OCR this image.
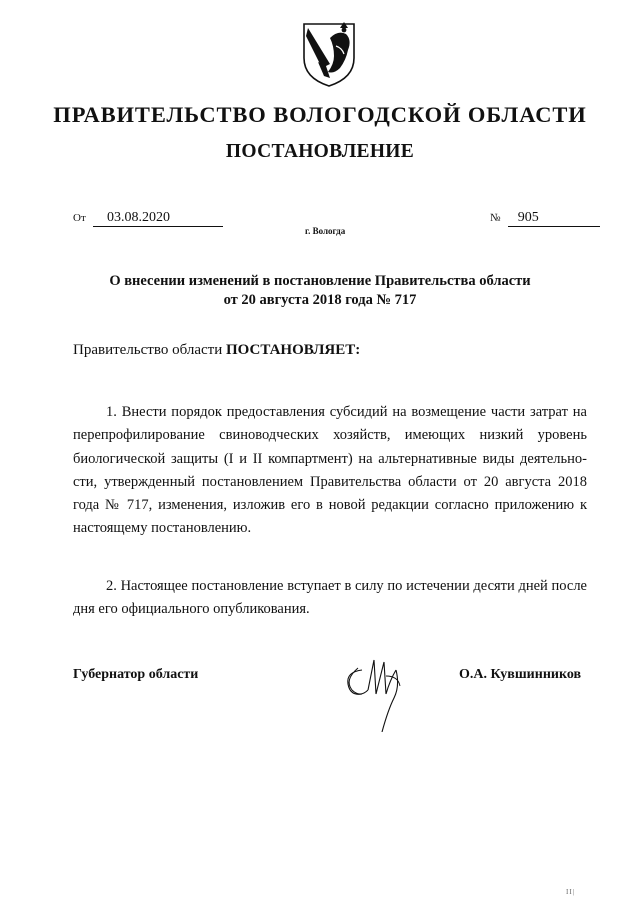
ПРАВИТЕЛЬСТВО ВОЛОГОДСКОЙ ОБЛАСТИ
ПОСТАНОВЛЕНИЕ
От 03.08.2020	№ 905
г. Вологда
О внесении изменений в постановление Правительства области
от 20 августа 2018 года № 717
Правительство области ПОСТАНОВЛЯЕТ:
1. Внести порядок предоставления субсидий на возмещение части затрат на перепрофилирование свиноводческих хозяйств, имеющих низкий уровень биологической защиты (I и II компартмент) на альтернативные виды деятельности, утвержденный постановлением Правительства области от 20 августа 2018 года № 717, изменения, изложив его в новой редакции согласно приложению к настоящему постановлению.
2. Настоящее постановление вступает в силу по истечении десяти дней после дня его официального опубликования.
Губернатор области	О.А. Кувшинников
II|
